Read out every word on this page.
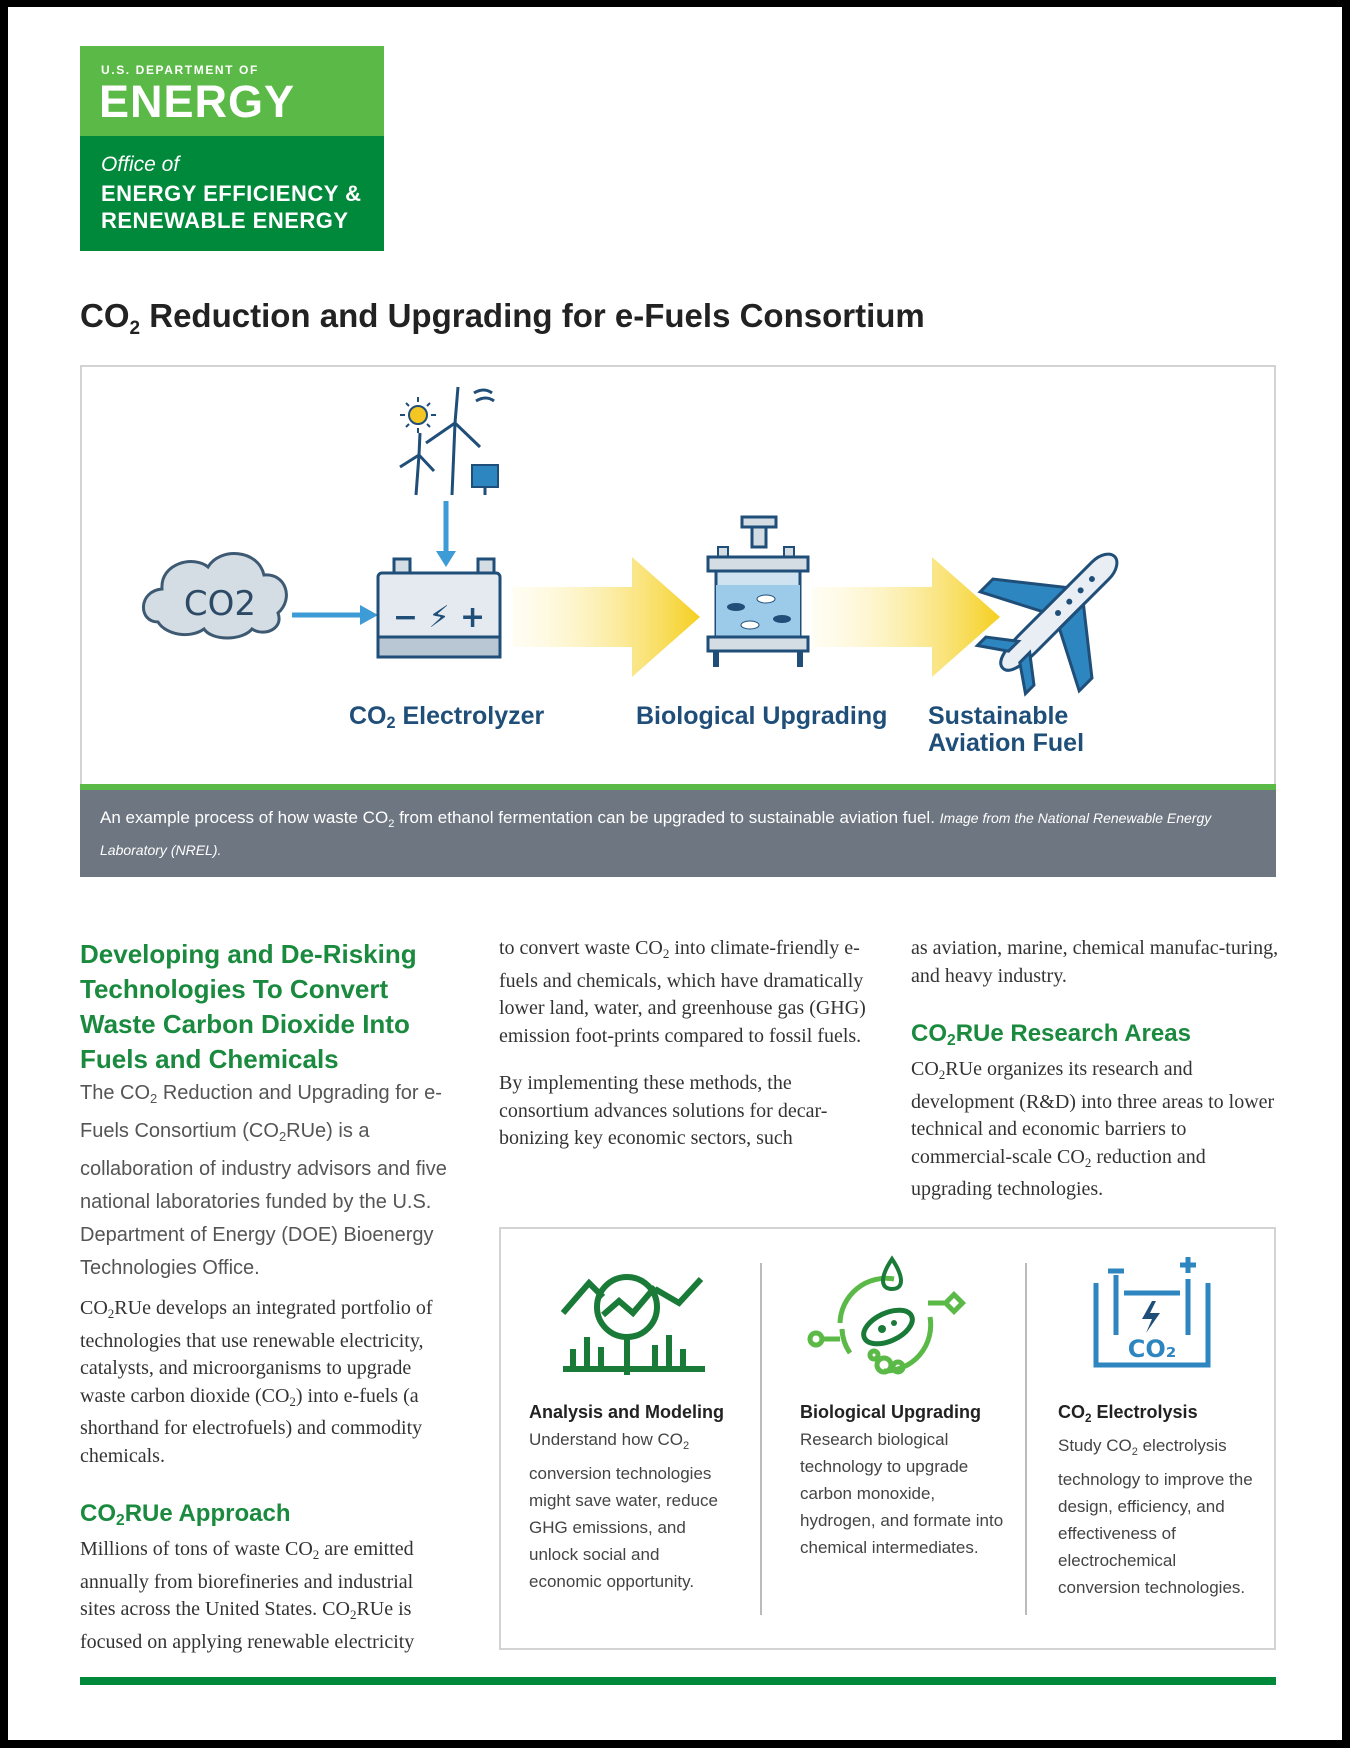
U.S. DEPARTMENT OF
ENERGY
Office of
ENERGY EFFICIENCY &
RENEWABLE ENERGY
$CO_2$ Reduction and Upgrading for e-Fuels Consortium
CO2	− ⚡ +
CO2 Electrolyzer	Biological Upgrading Sustainable
Aviation Fuel
An example process of how waste $CO_2$ from ethanol fermentation can be upgraded to sustainable aviation fuel. Image from the National Renewable Energy Laboratory (NREL).
Developing and De-Risking Technologies To Convert Waste Carbon Dioxide Into Fuels and Chemicals

The $CO_2$ Reduction and Upgrading for e-Fuels Consortium $(CO_2RUe)$ is a collaboration of industry advisors and five national laboratories funded by the U.S. Department of Energy (DOE) Bioenergy Technologies Office.

$CO_2RUe$ develops an integrated portfolio of technologies that use renewable electricity, catalysts, and microorganisms to upgrade waste carbon dioxide $(CO_2)$ into e-fuels (a shorthand for electrofuels) and commodity chemicals.

CO2RUe Approach

Millions of tons of waste $CO_2$ are emitted annually from biorefineries and industrial sites across the United States. $CO_2RUe$ is focused on applying renewable electricity

to convert waste $CO_2$ into climate-friendly e-fuels and chemicals, which have dramatically lower land, water, and greenhouse gas (GHG) emission foot-prints compared to fossil fuels.

By implementing these methods, the consortium advances solutions for decar-bonizing key economic sectors, such

as aviation, marine, chemical manufac-turing, and heavy industry.

CO2RUe Research Areas

$CO_2RUe$ organizes its research and development (R&D) into three areas to lower technical and economic barriers to commercial-scale $CO_2$ reduction and upgrading technologies.

Analysis and Modeling
Understand how $CO_2$ conversion technologies might save water, reduce GHG emissions, and unlock social and economic opportunity.
Biological Upgrading
Research biological technology to upgrade carbon monoxide, hydrogen, and formate into chemical intermediates.
CO₂
$CO_2$ Electrolysis
Study $CO_2$ electrolysis technology to improve the design, efficiency, and effectiveness of electrochemical conversion technologies.
